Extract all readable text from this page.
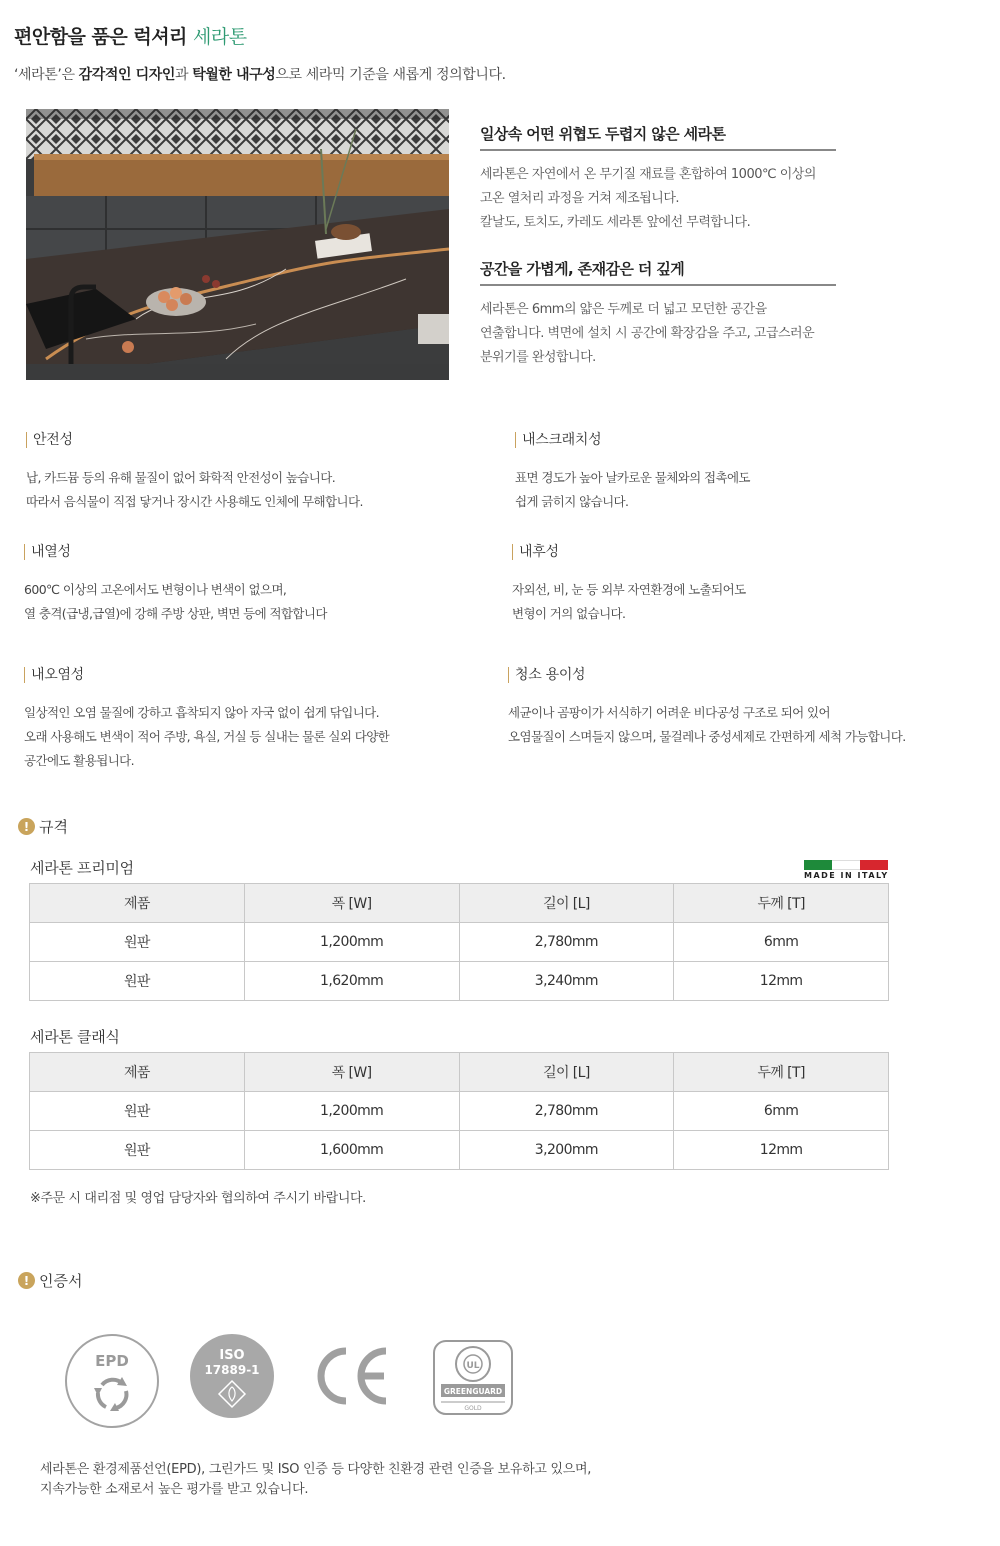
편안함을 품은 럭셔리 세라톤
‘세라톤’은 감각적인 디자인과 탁월한 내구성으로 세라믹 기준을 새롭게 정의합니다.
일상속 어떤 위협도 두렵지 않은 세라톤

세라톤은 자연에서 온 무기질 재료를 혼합하여 1000℃ 이상의
고온 열처리 과정을 거쳐 제조됩니다.
칼날도, 토치도, 카레도 세라톤 앞에선 무력합니다.

공간을 가볍게, 존재감은 더 깊게

세라톤은 6mm의 얇은 두께로 더 넓고 모던한 공간을
연출합니다. 벽면에 설치 시 공간에 확장감을 주고, 고급스러운
분위기를 완성합니다.

안전성

납, 카드뮴 등의 유해 물질이 없어 화학적 안전성이 높습니다.
따라서 음식물이 직접 닿거나 장시간 사용해도 인체에 무해합니다.

내스크래치성

표면 경도가 높아 날카로운 물체와의 접촉에도
쉽게 긁히지 않습니다.

내열성

600℃ 이상의 고온에서도 변형이나 변색이 없으며,
열 충격(급냉,급열)에 강해 주방 상판, 벽면 등에 적합합니다

내후성

자외선, 비, 눈 등 외부 자연환경에 노출되어도
변형이 거의 없습니다.

내오염성

일상적인 오염 물질에 강하고 흡착되지 않아 자국 없이 쉽게 닦입니다.
오래 사용해도 변색이 적어 주방, 욕실, 거실 등 실내는 물론 실외 다양한
공간에도 활용됩니다.

청소 용이성

세균이나 곰팡이가 서식하기 어려운 비다공성 구조로 되어 있어
오염물질이 스며들지 않으며, 물걸레나 중성세제로 간편하게 세척 가능합니다.

! 규격
세라톤 프리미엄	MADE IN ITALY
제품	폭 [W]	길이 [L]	두께 [T]
원판	1,200mm	2,780mm	6mm
원판	1,620mm	3,240mm	12mm
세라톤 클래식
제품	폭 [W]	길이 [L]	두께 [T]
원판	1,200mm	2,780mm	6mm
원판	1,600mm	3,200mm	12mm
※주문 시 대리점 및 영업 담당자와 협의하여 주시기 바랍니다.
! 인증서
EPD	ISO
17889-1	UL
GREENGUARD
GOLD
세라톤은 환경제품선언(EPD), 그린가드 및 ISO 인증 등 다양한 친환경 관련 인증을 보유하고 있으며,
지속가능한 소재로서 높은 평가를 받고 있습니다.
